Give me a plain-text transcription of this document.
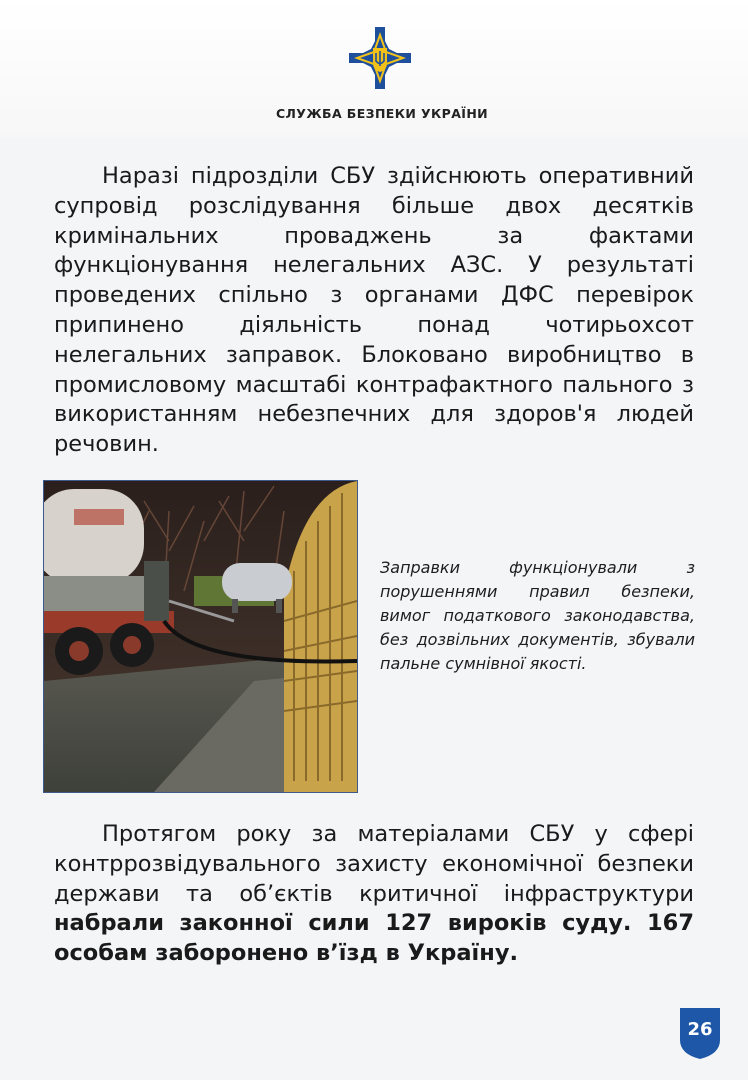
СЛУЖБА БЕЗПЕКИ УКРАЇНИ

Наразі підрозділи СБУ здійснюють оперативний супровід розслідування більше двох десятків кримінальних проваджень за фактами функціонування нелегальних АЗС. У результаті проведених спільно з органами ДФС перевірок припинено діяльність понад чотирьохсот нелегальних заправок. Блоковано виробництво в промисловому масштабі контрафактного пального з використанням небезпечних для здоров'я людей речовин.

Заправки функціонували з порушеннями правил безпеки, вимог податкового законодавства, без дозвільних документів, збували пальне сумнівної якості.

Протягом року за матеріалами СБУ у сфері контррозвідувального захисту економічної безпеки держави та об’єктів критичної інфраструктури набрали законної сили 127 вироків суду. 167 особам заборонено в’їзд в Україну.

26
